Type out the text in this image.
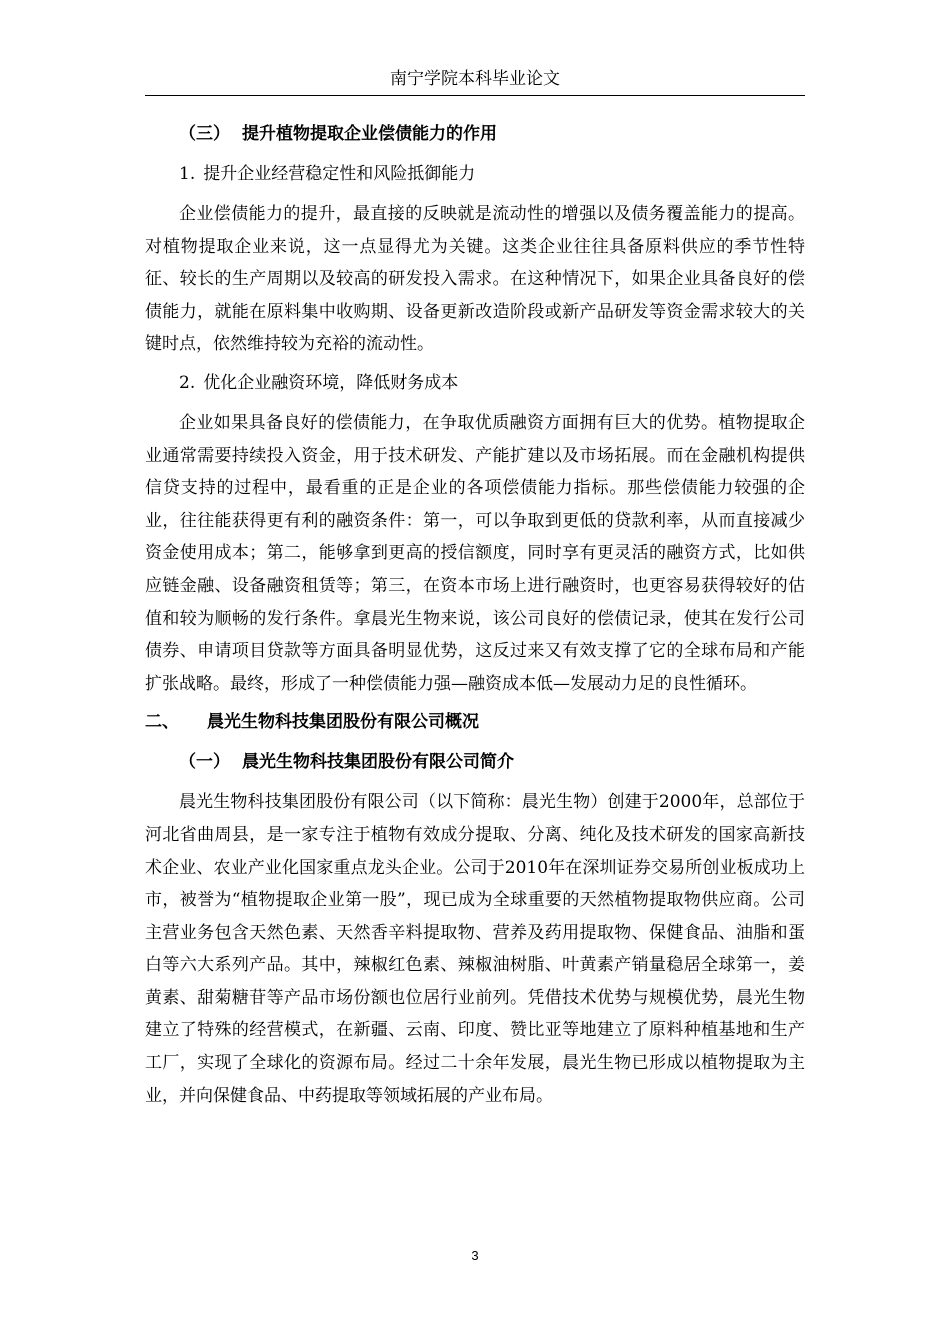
南宁学院本科毕业论文
（三） 提升植物提取企业偿债能力的作用
1. 提升企业经营稳定性和风险抵御能力
企业偿债能力的提升，最直接的反映就是流动性的增强以及债务覆盖能力的提高。对植物提取企业来说，这一点显得尤为关键。这类企业往往具备原料供应的季节性特征、较长的生产周期以及较高的研发投入需求。在这种情况下，如果企业具备良好的偿债能力，就能在原料集中收购期、设备更新改造阶段或新产品研发等资金需求较大的关键时点，依然维持较为充裕的流动性。
2. 优化企业融资环境，降低财务成本
企业如果具备良好的偿债能力，在争取优质融资方面拥有巨大的优势。植物提取企业通常需要持续投入资金，用于技术研发、产能扩建以及市场拓展。而在金融机构提供信贷支持的过程中，最看重的正是企业的各项偿债能力指标。那些偿债能力较强的企业，往往能获得更有利的融资条件：第一，可以争取到更低的贷款利率，从而直接减少资金使用成本；第二，能够拿到更高的授信额度，同时享有更灵活的融资方式，比如供应链金融、设备融资租赁等；第三，在资本市场上进行融资时，也更容易获得较好的估值和较为顺畅的发行条件。拿晨光生物来说，该公司良好的偿债记录，使其在发行公司债券、申请项目贷款等方面具备明显优势，这反过来又有效支撑了它的全球布局和产能扩张战略。最终，形成了一种偿债能力强—融资成本低—发展动力足的良性循环。
二、 晨光生物科技集团股份有限公司概况
（一） 晨光生物科技集团股份有限公司简介
晨光生物科技集团股份有限公司（以下简称：晨光生物）创建于2000年，总部位于河北省曲周县，是一家专注于植物有效成分提取、分离、纯化及技术研发的国家高新技术企业、农业产业化国家重点龙头企业。公司于2010年在深圳证券交易所创业板成功上市，被誉为“植物提取企业第一股”，现已成为全球重要的天然植物提取物供应商。公司主营业务包含天然色素、天然香辛料提取物、营养及药用提取物、保健食品、油脂和蛋白等六大系列产品。其中，辣椒红色素、辣椒油树脂、叶黄素产销量稳居全球第一，姜黄素、甜菊糖苷等产品市场份额也位居行业前列。凭借技术优势与规模优势，晨光生物建立了特殊的经营模式，在新疆、云南、印度、赞比亚等地建立了原料种植基地和生产工厂，实现了全球化的资源布局。经过二十余年发展，晨光生物已形成以植物提取为主业，并向保健食品、中药提取等领域拓展的产业布局。
3
